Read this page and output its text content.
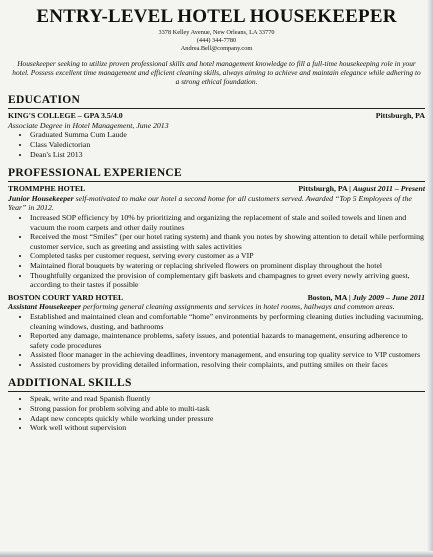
ENTRY-LEVEL HOTEL HOUSEKEEPER
3378 Kelley Avenue, New Orleans, LA 33770
(444) 344-7780
Andrea.Bell@company.com
Housekeeper seeking to utilize proven professional skills and hotel management knowledge to fill a full-time housekeeping role in your hotel. Possess excellent time management and efficient cleaning skills, always aiming to achieve and maintain elegance while adhering to a strong ethical foundation.
EDUCATION
KING'S COLLEGE – GPA 3.5/4.0	Pittsburgh, PA
Associate Degree in Hotel Management, June 2013
• Graduated Summa Cum Laude
• Class Valedictorian
• Dean's List 2013
PROFESSIONAL EXPERIENCE
TROMMPHE HOTEL	Pittsburgh, PA | August 2011 – Present
Junior Housekeeper self-motivated to make our hotel a second home for all customers served. Awarded “Top 5 Employees of the Year” in 2012.
• Increased SOP efficiency by 10% by prioritizing and organizing the replacement of stale and soiled towels and linen and vacuum the room carpets and other daily routines
• Received the most “Smiles” (per our hotel rating system) and thank you notes by showing attention to detail while performing customer service, such as greeting and assisting with sales activities
• Completed tasks per customer request, serving every customer as a VIP
• Maintained floral bouquets by watering or replacing shriveled flowers on prominent display throughout the hotel
• Thoughtfully organized the provision of complementary gift baskets and champagnes to greet every newly arriving guest, according to their tastes if possible
BOSTON COURT YARD HOTEL	Boston, MA | July 2009 – June 2011
Assistant Housekeeper performing general cleaning assignments and services in hotel rooms, hallways and common areas.
• Established and maintained clean and comfortable “home” environments by performing cleaning duties including vacuuming, cleaning windows, dusting, and bathrooms
• Reported any damage, maintenance problems, safety issues, and potential hazards to management, ensuring adherence to safety code procedures
• Assisted floor manager in the achieving deadlines, inventory management, and ensuring top quality service to VIP customers
• Assisted customers by providing detailed information, resolving their complaints, and putting smiles on their faces
ADDITIONAL SKILLS
• Speak, write and read Spanish fluently
• Strong passion for problem solving and able to multi-task
• Adapt new concepts quickly while working under pressure
• Work well without supervision
